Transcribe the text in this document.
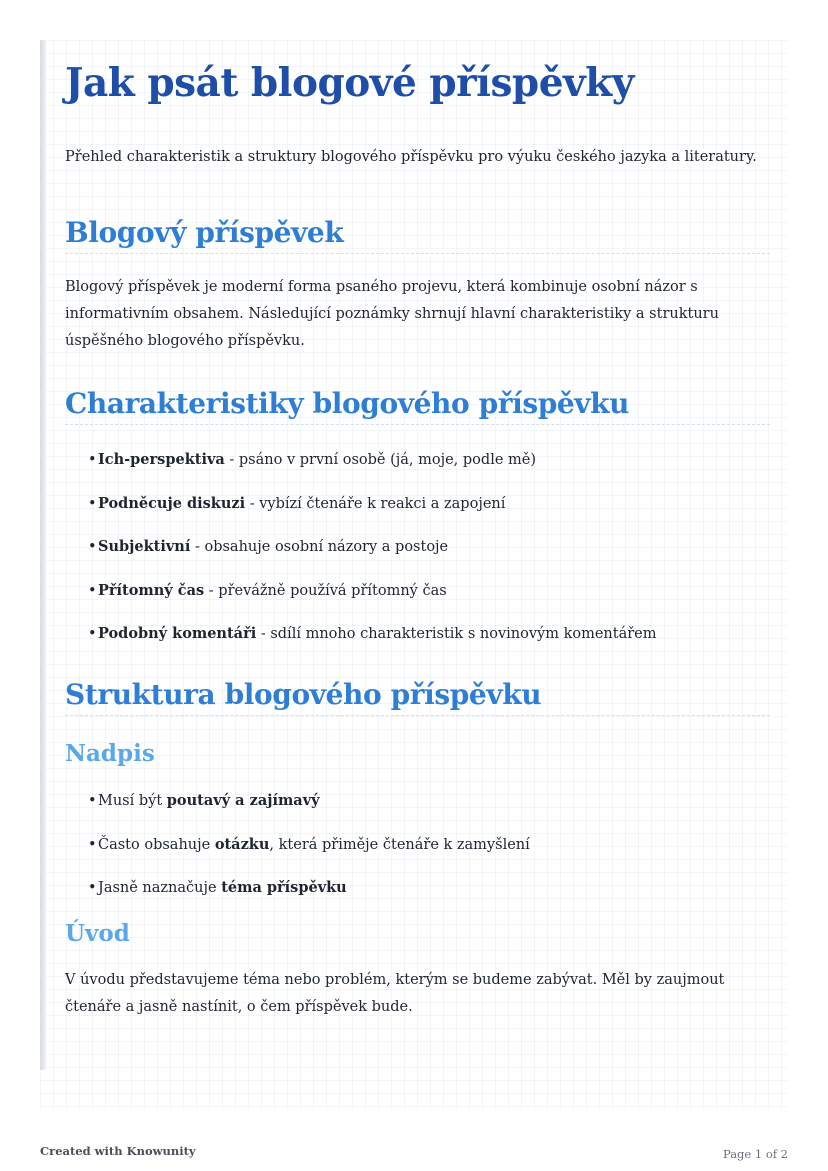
Jak psát blogové příspěvky

Přehled charakteristik a struktury blogového příspěvku pro výuku českého jazyka a literatury.

Blogový příspěvek

Blogový příspěvek je moderní forma psaného projevu, která kombinuje osobní názor s informativním obsahem. Následující poznámky shrnují hlavní charakteristiky a strukturu úspěšného blogového příspěvku.

Charakteristiky blogového příspěvku
• Ich-perspektiva - psáno v první osobě (já, moje, podle mě)
• Podněcuje diskuzi - vybízí čtenáře k reakci a zapojení
• Subjektivní - obsahuje osobní názory a postoje
• Přítomný čas - převážně používá přítomný čas
• Podobný komentáři - sdílí mnoho charakteristik s novinovým komentářem
Struktura blogového příspěvku
Nadpis
• Musí být poutavý a zajímavý
• Často obsahuje otázku, která přiměje čtenáře k zamyšlení
• Jasně naznačuje téma příspěvku
Úvod

V úvodu představujeme téma nebo problém, kterým se budeme zabývat. Měl by zaujmout čtenáře a jasně nastínit, o čem příspěvek bude.

Created with Knowunity	Page 1 of 2
